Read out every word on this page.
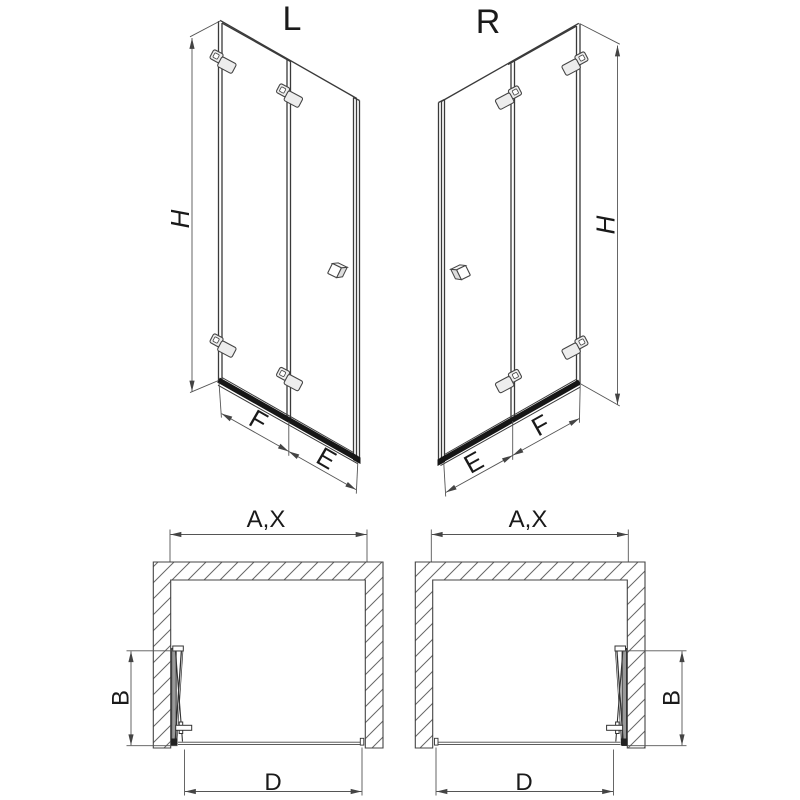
L
H
F
E
R
H
E
F
A,X
B
D
A,X
B
D
